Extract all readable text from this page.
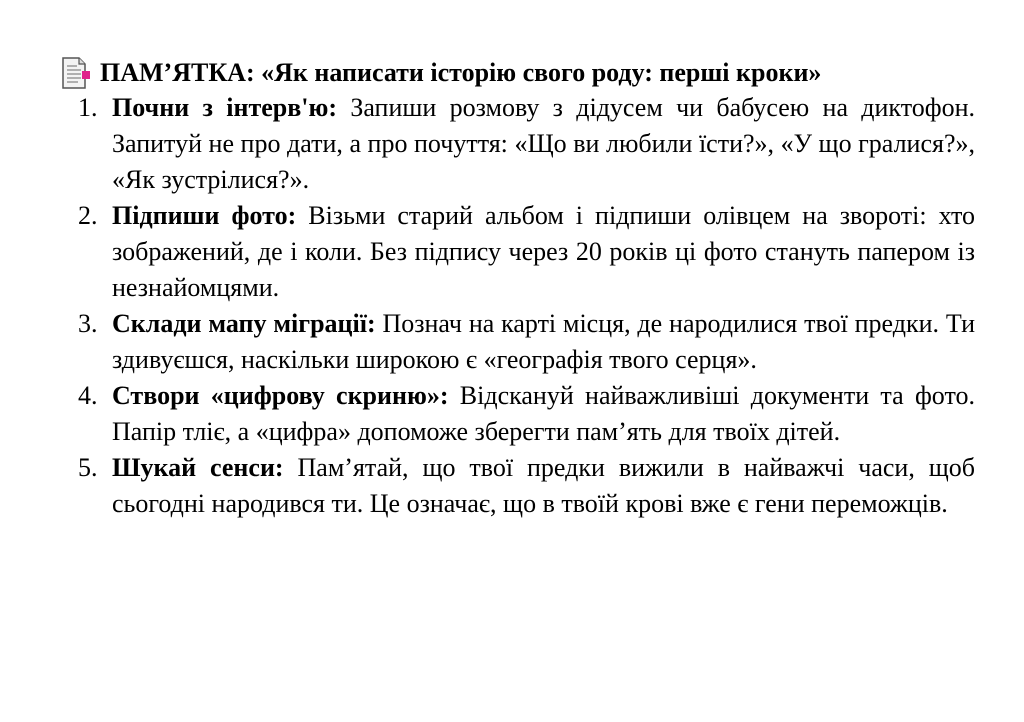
ПАМ’ЯТКА: «Як написати історію свого роду: перші кроки»
1. Почни з інтерв'ю: Запиши розмову з дідусем чи бабусею на диктофон. Запитуй не про дати, а про почуття: «Що ви любили їсти?», «У що гралися?», «Як зустрілися?».
2. Підпиши фото: Візьми старий альбом і підпиши олівцем на звороті: хто зображений, де і коли. Без підпису через 20 років ці фото стануть папером із незнайомцями.
3. Склади мапу міграції: Познач на карті місця, де народилися твої предки. Ти здивуєшся, наскільки широкою є «географія твого серця».
4. Створи «цифрову скриню»: Відскануй найважливіші документи та фото. Папір тліє, а «цифра» допоможе зберегти пам’ять для твоїх дітей.
5. Шукай сенси: Пам’ятай, що твої предки вижили в найважчі часи, щоб сьогодні народився ти. Це означає, що в твоїй крові вже є гени переможців.
